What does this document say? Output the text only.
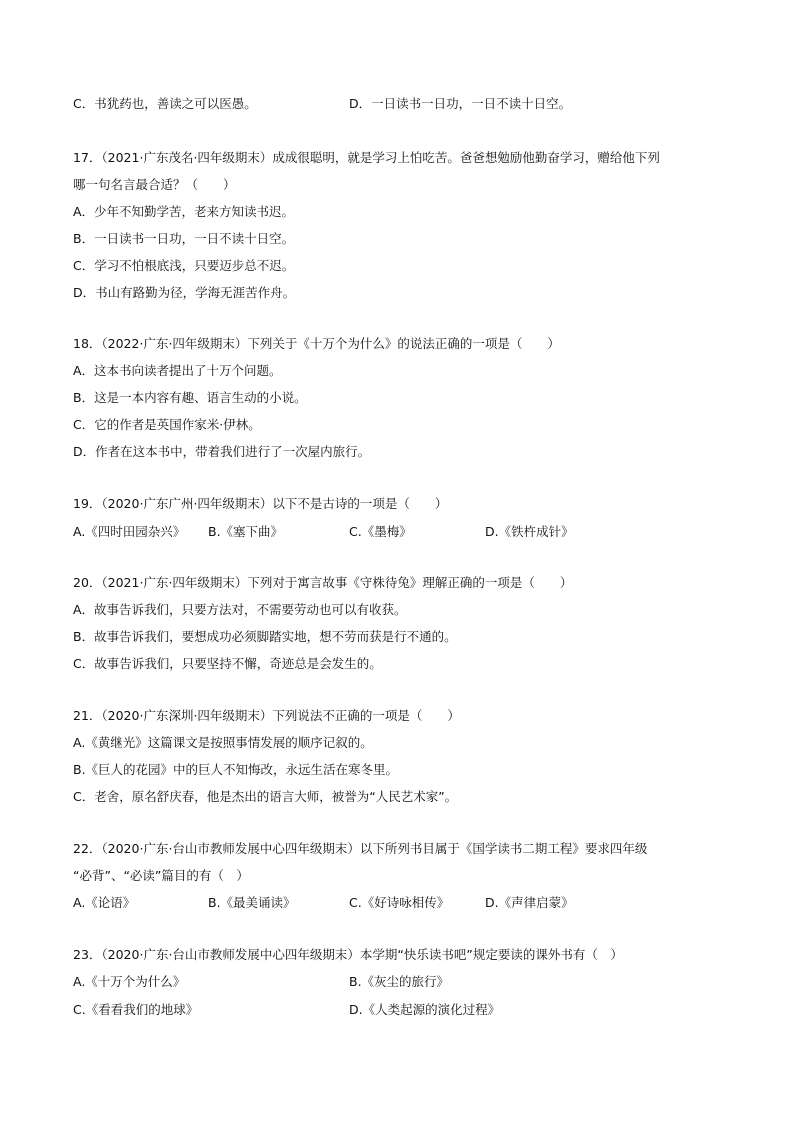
C．书犹药也，善读之可以医愚。	D．一日读书一日功，一日不读十日空。
17．（2021·广东茂名·四年级期末）成成很聪明，就是学习上怕吃苦。爸爸想勉励他勤奋学习，赠给他下列
哪一句名言最合适？（　　）
A．少年不知勤学苦，老来方知读书迟。
B．一日读书一日功，一日不读十日空。
C．学习不怕根底浅，只要迈步总不迟。
D．书山有路勤为径，学海无涯苦作舟。
18．（2022·广东·四年级期末）下列关于《十万个为什么》的说法正确的一项是（　　）
A．这本书向读者提出了十万个问题。
B．这是一本内容有趣、语言生动的小说。
C．它的作者是英国作家米·伊林。
D．作者在这本书中，带着我们进行了一次屋内旅行。
19．（2020·广东广州·四年级期末）以下不是古诗的一项是（　　）
A.《四时田园杂兴》 B.《塞下曲》	C.《墨梅》	D.《铁杵成针》
20．（2021·广东·四年级期末）下列对于寓言故事《守株待兔》理解正确的一项是（　　）
A．故事告诉我们，只要方法对，不需要劳动也可以有收获。
B．故事告诉我们，要想成功必须脚踏实地，想不劳而获是行不通的。
C．故事告诉我们，只要坚持不懈，奇迹总是会发生的。
21．（2020·广东深圳·四年级期末）下列说法不正确的一项是（　　）
A.《黄继光》这篇课文是按照事情发展的顺序记叙的。
B.《巨人的花园》中的巨人不知悔改，永远生活在寒冬里。
C．老舍，原名舒庆春，他是杰出的语言大师，被誉为“人民艺术家”。
22．（2020·广东·台山市教师发展中心四年级期末）以下所列书目属于《国学读书二期工程》要求四年级
“必背”、“必读”篇目的有（　）
A.《论语》	B.《最美诵读》	C.《好诗咏相传》	D.《声律启蒙》
23．（2020·广东·台山市教师发展中心四年级期末）本学期“快乐读书吧”规定要读的课外书有（　）
A.《十万个为什么》	B.《灰尘的旅行》
C.《看看我们的地球》	D.《人类起源的演化过程》
